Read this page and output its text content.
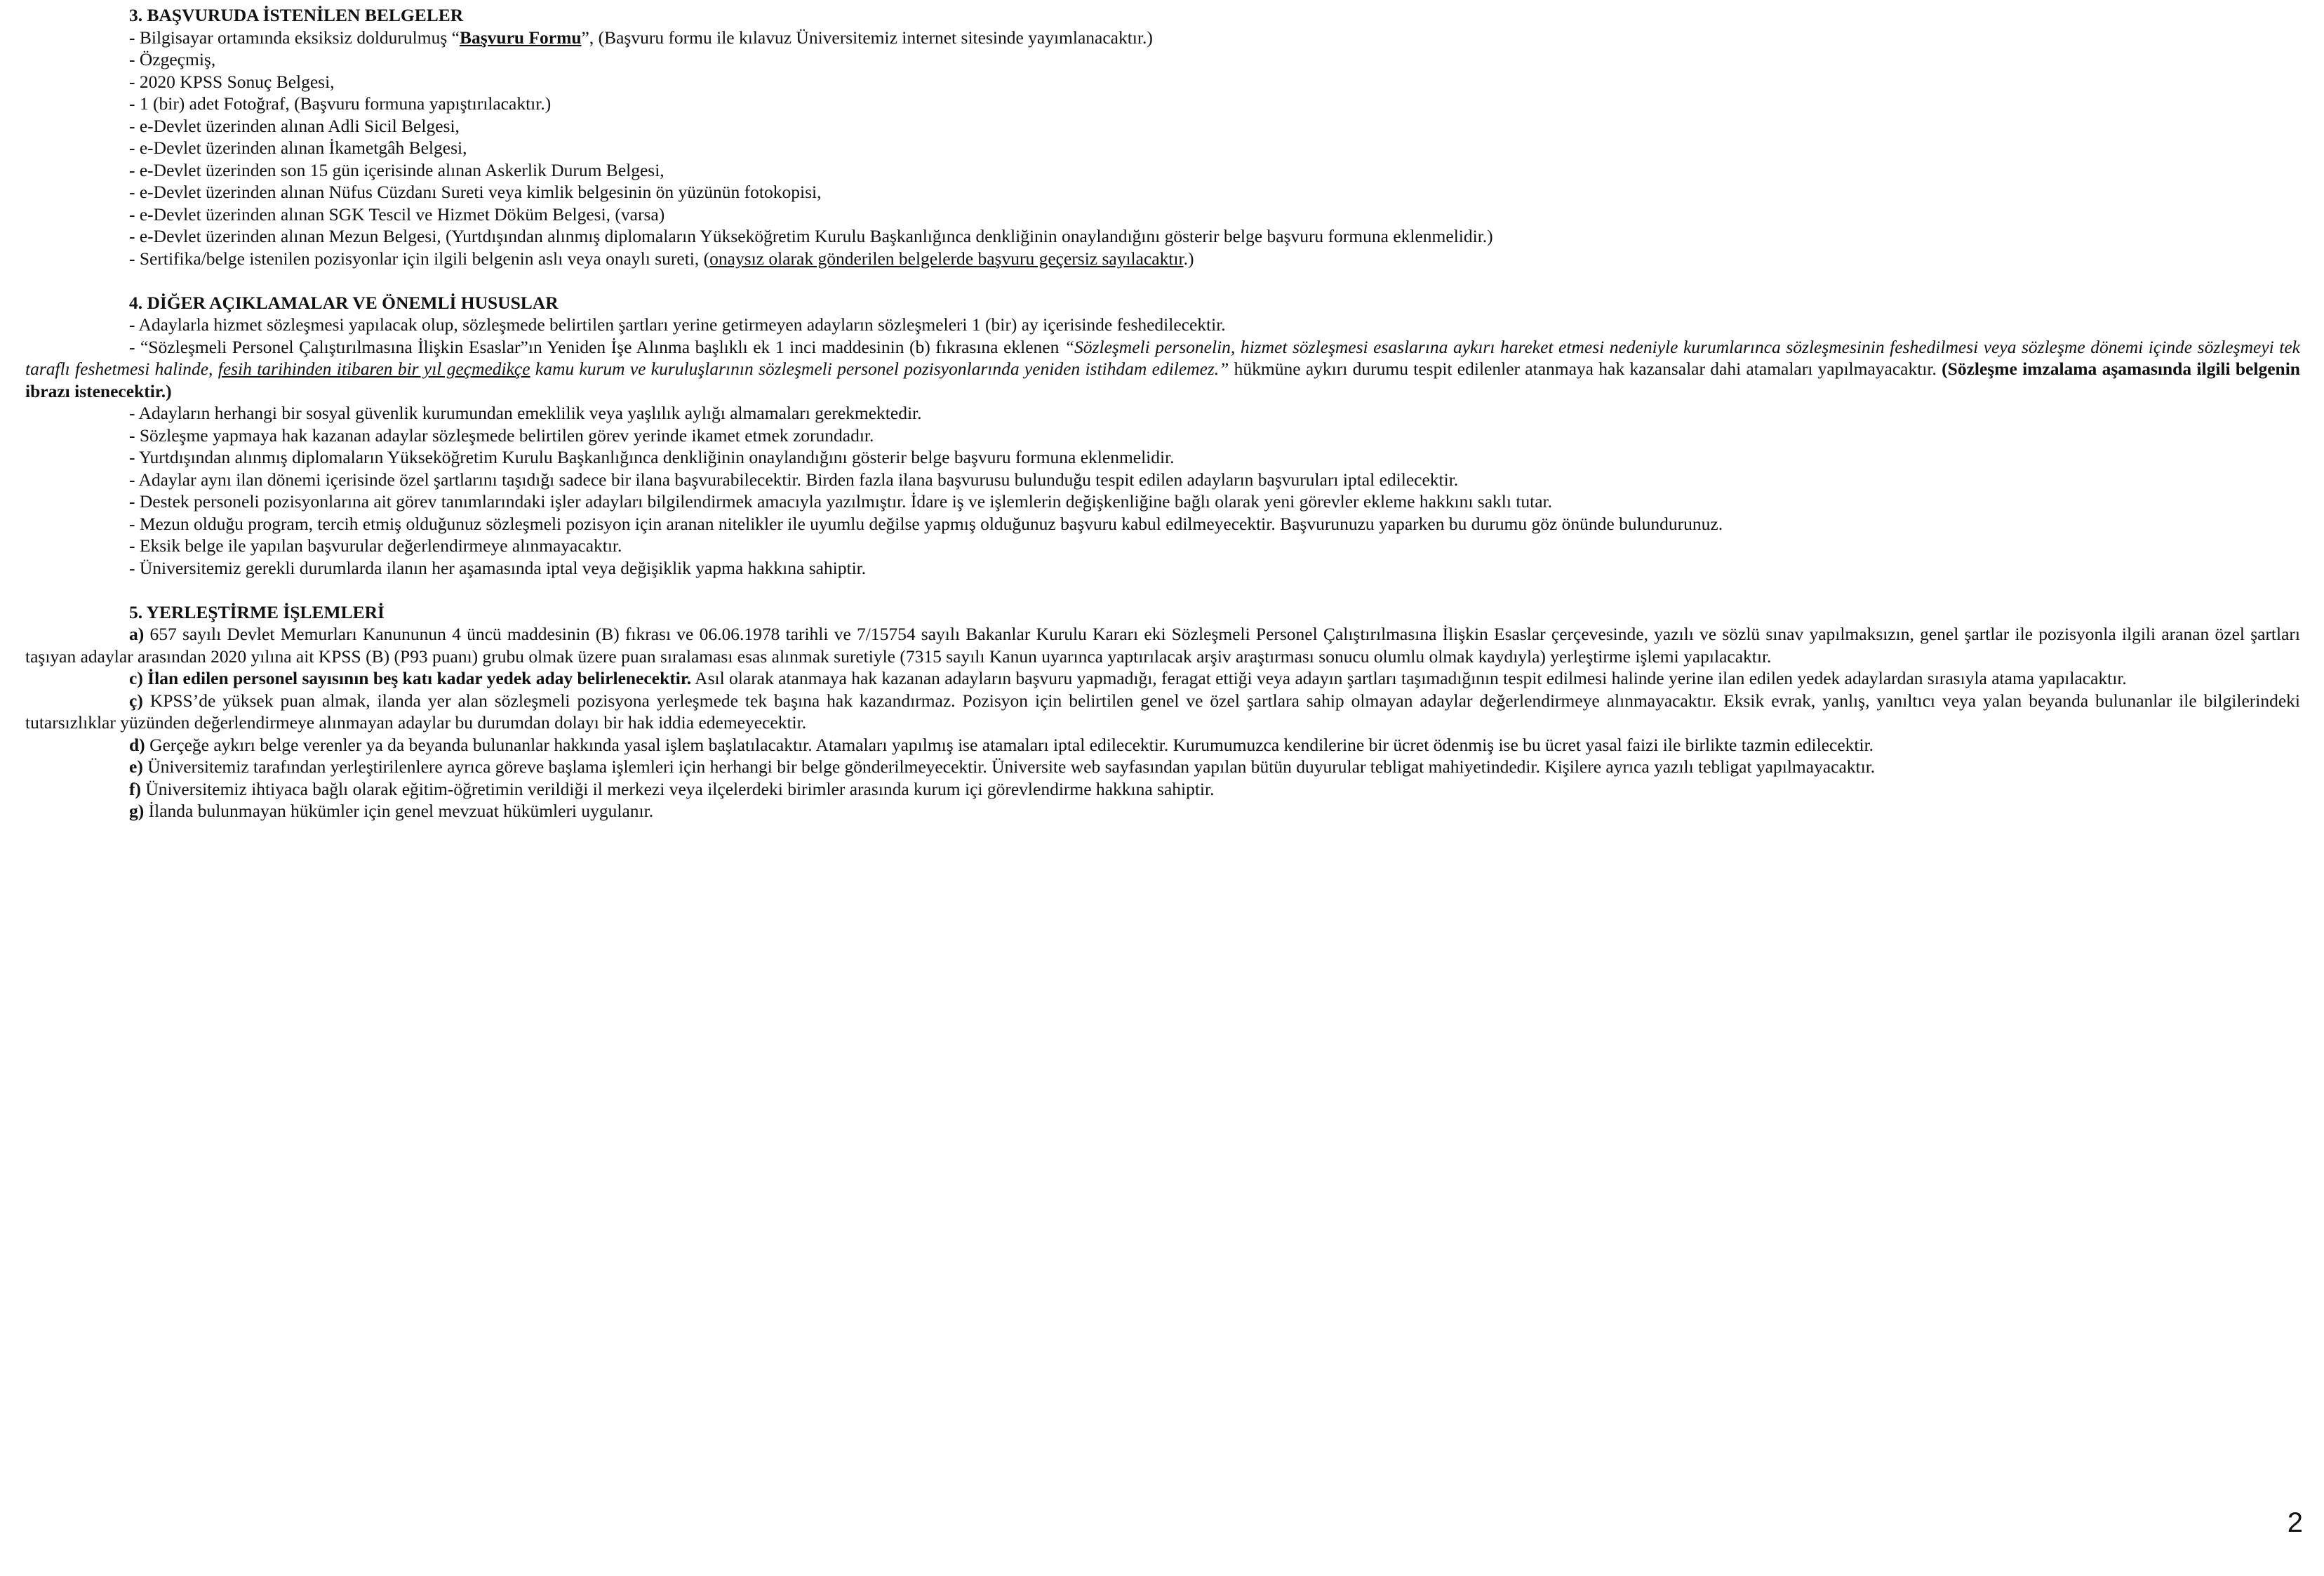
3. BAŞVURUDA İSTENİLEN BELGELER

- Bilgisayar ortamında eksiksiz doldurulmuş “Başvuru Formu”, (Başvuru formu ile kılavuz Üniversitemiz internet sitesinde yayımlanacaktır.)

- Özgeçmiş,

- 2020 KPSS Sonuç Belgesi,

- 1 (bir) adet Fotoğraf, (Başvuru formuna yapıştırılacaktır.)

- e-Devlet üzerinden alınan Adli Sicil Belgesi,

- e-Devlet üzerinden alınan İkametgâh Belgesi,

- e-Devlet üzerinden son 15 gün içerisinde alınan Askerlik Durum Belgesi,

- e-Devlet üzerinden alınan Nüfus Cüzdanı Sureti veya kimlik belgesinin ön yüzünün fotokopisi,

- e-Devlet üzerinden alınan SGK Tescil ve Hizmet Döküm Belgesi, (varsa)

- e-Devlet üzerinden alınan Mezun Belgesi, (Yurtdışından alınmış diplomaların Yükseköğretim Kurulu Başkanlığınca denkliğinin onaylandığını gösterir belge başvuru formuna eklenmelidir.)

- Sertifika/belge istenilen pozisyonlar için ilgili belgenin aslı veya onaylı sureti, (onaysız olarak gönderilen belgelerde başvuru geçersiz sayılacaktır.)

4. DİĞER AÇIKLAMALAR VE ÖNEMLİ HUSUSLAR

- Adaylarla hizmet sözleşmesi yapılacak olup, sözleşmede belirtilen şartları yerine getirmeyen adayların sözleşmeleri 1 (bir) ay içerisinde feshedilecektir.

- “Sözleşmeli Personel Çalıştırılmasına İlişkin Esaslar”ın Yeniden İşe Alınma başlıklı ek 1 inci maddesinin (b) fıkrasına eklenen “Sözleşmeli personelin, hizmet sözleşmesi esaslarına aykırı hareket etmesi nedeniyle kurumlarınca sözleşmesinin feshedilmesi veya sözleşme dönemi içinde sözleşmeyi tek taraflı feshetmesi halinde, fesih tarihinden itibaren bir yıl geçmedikçe kamu kurum ve kuruluşlarının sözleşmeli personel pozisyonlarında yeniden istihdam edilemez.” hükmüne aykırı durumu tespit edilenler atanmaya hak kazansalar dahi atamaları yapılmayacaktır. (Sözleşme imzalama aşamasında ilgili belgenin ibrazı istenecektir.)

- Adayların herhangi bir sosyal güvenlik kurumundan emeklilik veya yaşlılık aylığı almamaları gerekmektedir.

- Sözleşme yapmaya hak kazanan adaylar sözleşmede belirtilen görev yerinde ikamet etmek zorundadır.

- Yurtdışından alınmış diplomaların Yükseköğretim Kurulu Başkanlığınca denkliğinin onaylandığını gösterir belge başvuru formuna eklenmelidir.

- Adaylar aynı ilan dönemi içerisinde özel şartlarını taşıdığı sadece bir ilana başvurabilecektir. Birden fazla ilana başvurusu bulunduğu tespit edilen adayların başvuruları iptal edilecektir.

- Destek personeli pozisyonlarına ait görev tanımlarındaki işler adayları bilgilendirmek amacıyla yazılmıştır. İdare iş ve işlemlerin değişkenliğine bağlı olarak yeni görevler ekleme hakkını saklı tutar.

- Mezun olduğu program, tercih etmiş olduğunuz sözleşmeli pozisyon için aranan nitelikler ile uyumlu değilse yapmış olduğunuz başvuru kabul edilmeyecektir. Başvurunuzu yaparken bu durumu göz önünde bulundurunuz.

- Eksik belge ile yapılan başvurular değerlendirmeye alınmayacaktır.

- Üniversitemiz gerekli durumlarda ilanın her aşamasında iptal veya değişiklik yapma hakkına sahiptir.

5. YERLEŞTİRME İŞLEMLERİ

a) 657 sayılı Devlet Memurları Kanununun 4 üncü maddesinin (B) fıkrası ve 06.06.1978 tarihli ve 7/15754 sayılı Bakanlar Kurulu Kararı eki Sözleşmeli Personel Çalıştırılmasına İlişkin Esaslar çerçevesinde, yazılı ve sözlü sınav yapılmaksızın, genel şartlar ile pozisyonla ilgili aranan özel şartları taşıyan adaylar arasından 2020 yılına ait KPSS (B) (P93 puanı) grubu olmak üzere puan sıralaması esas alınmak suretiyle (7315 sayılı Kanun uyarınca yaptırılacak arşiv araştırması sonucu olumlu olmak kaydıyla) yerleştirme işlemi yapılacaktır.

c) İlan edilen personel sayısının beş katı kadar yedek aday belirlenecektir. Asıl olarak atanmaya hak kazanan adayların başvuru yapmadığı, feragat ettiği veya adayın şartları taşımadığının tespit edilmesi halinde yerine ilan edilen yedek adaylardan sırasıyla atama yapılacaktır.

ç) KPSS’de yüksek puan almak, ilanda yer alan sözleşmeli pozisyona yerleşmede tek başına hak kazandırmaz. Pozisyon için belirtilen genel ve özel şartlara sahip olmayan adaylar değerlendirmeye alınmayacaktır. Eksik evrak, yanlış, yanıltıcı veya yalan beyanda bulunanlar ile bilgilerindeki tutarsızlıklar yüzünden değerlendirmeye alınmayan adaylar bu durumdan dolayı bir hak iddia edemeyecektir.

d) Gerçeğe aykırı belge verenler ya da beyanda bulunanlar hakkında yasal işlem başlatılacaktır. Atamaları yapılmış ise atamaları iptal edilecektir. Kurumumuzca kendilerine bir ücret ödenmiş ise bu ücret yasal faizi ile birlikte tazmin edilecektir.

e) Üniversitemiz tarafından yerleştirilenlere ayrıca göreve başlama işlemleri için herhangi bir belge gönderilmeyecektir. Üniversite web sayfasından yapılan bütün duyurular tebligat mahiyetindedir. Kişilere ayrıca yazılı tebligat yapılmayacaktır.

f) Üniversitemiz ihtiyaca bağlı olarak eğitim-öğretimin verildiği il merkezi veya ilçelerdeki birimler arasında kurum içi görevlendirme hakkına sahiptir.

g) İlanda bulunmayan hükümler için genel mevzuat hükümleri uygulanır.

2
